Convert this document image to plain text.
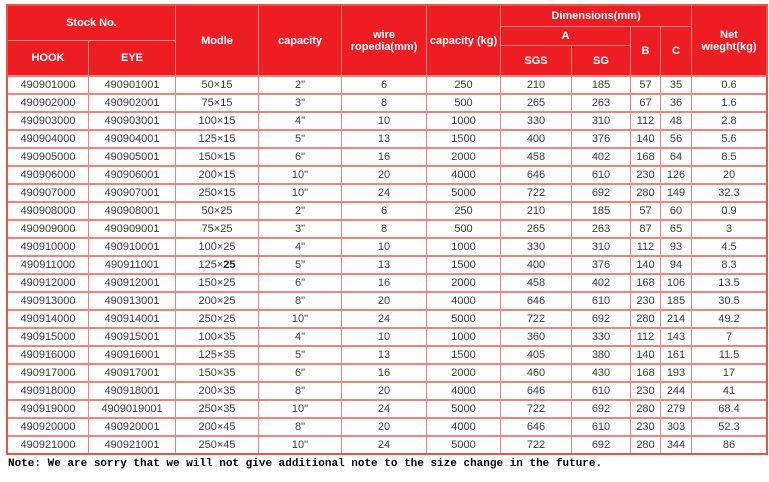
Stock No.
HOOK	EYE
Modle	capacity	wire ropedia(mm)	capacity (kg)
Dimensions(mm)
A
SGS	SG
B	C
Net wieght(kg)
490901000	490901001	50×15	2"	6	250	210	185	57	35	0.6
490902000	490902001	75×15	3"	8	500	265	263	67	36	1.6
490903000	490903001	100×15	4"	10	1000	330	310	112	48	2.8
490904000	490904001	125×15	5"	13	1500	400	376	140	56	5.6
490905000	490905001	150×15	6"	16	2000	458	402	168	64	8.5
490906000	490906001	200×15	10"	20	4000	646	610	230	126	20
490907000	490907001	250×15	10"	24	5000	722	692	280	149	32.3
490908000	490908001	50×25	2"	6	250	210	185	57	60	0.9
490909000	490909001	75×25	3"	8	500	265	263	87	65	3
490910000	490910001	100×25	4"	10	1000	330	310	112	93	4.5
490911000	490911001	125×25	5"	13	1500	400	376	140	94	8.3
490912000	490912001	150×25	6"	16	2000	458	402	168	106	13.5
490913000	490913001	200×25	8"	20	4000	646	610	230	185	30.5
490914000	490914001	250×25	10"	24	5000	722	692	280	214	49.2
490915000	490915001	100×35	4"	10	1000	360	330	112	143	7
490916000	490916001	125×35	5"	13	1500	405	380	140	161	11.5
490917000	490917001	150×35	6"	16	2000	460	430	168	193	17
490918000	490918001	200×35	8"	20	4000	646	610	230	244	41
490919000	4909019001	250×35	10"	24	5000	722	692	280	279	68.4
490920000	490920001	200×45	8"	20	4000	646	610	230	303	52.3
490921000	490921001	250×45	10"	24	5000	722	692	280	344	86
Note: We are sorry that we will not give additional note to the size change in the future.
